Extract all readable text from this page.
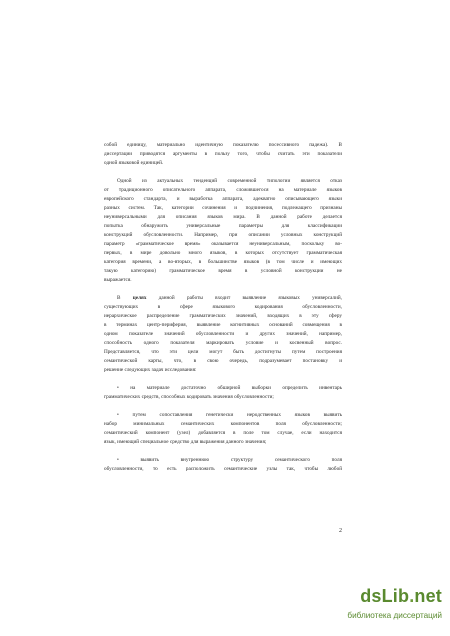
собой единицу, материально идентичную показателю посессивного падежа). В

диссертации приводятся аргументы в пользу того, чтобы считать эти показатели

одной языковой единицей.

Одной из актуальных тенденций современной типологии является отказ

от традиционного описательного аппарата, сложившегося на материале языков

европейского стандарта, и выработка аппарата, адекватно описывающего языки

разных систем. Так, категории сочинения и подчинения, подлежащего признаны

неуниверсальными для описания языков мира. В данной работе делается

попытка обнаружить универсальные параметры для классификации

конструкций обусловленности. Например, при описании условных конструкций

параметр «грамматическое время» оказывается неуниверсальным, поскольку во-

первых, в мире довольно много языков, в которых отсутствует грамматическая

категория времени, а во-вторых, в большинстве языков (в том числе и имеющих

такую категорию) грамматическое время в условной конструкции не

выражается.

В целях данной работы входит выявление языковых универсалий,

существующих в сфере языкового кодирования обусловленности,

иерархическое распределение грамматических значений, входящих в эту сферу

в терминах центр-периферия, выявление когнитивных оснований совмещения в

одном показателе значений обусловленности и других значений, например,

способность одного показателя маркировать условие и косвенный вопрос.

Представляется, что эти цели могут быть достигнуты путем построения

семантической карты, что, в свою очередь, подразумевает постановку и

решение следующих задач исследования:

• на материале достаточно обширной выборки определить инвентарь

грамматических средств, способных кодировать значения обусловленности;

• путем сопоставления генетически неродственных языков выявить

набор минимальных семантических компонентов поля обусловленности;

семантический компонент (узел) добавляется в поле том случае, если находится

язык, имеющий специальное средство для выражения данного значения;

• выявить внутреннюю структуру семантического поля

обусловленности, то есть расположить семантические узлы так, чтобы любой

2
dsLib.net
библиотека диссертаций
